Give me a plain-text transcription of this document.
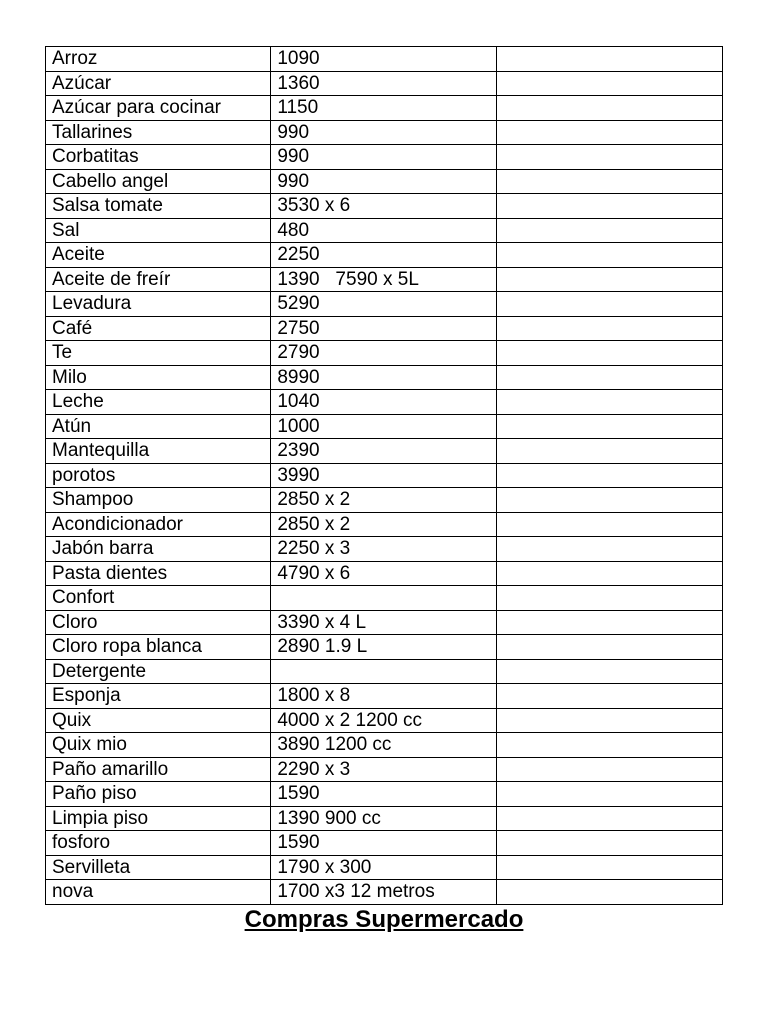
Arroz	1090	
Azúcar	1360	
Azúcar para cocinar	1150	
Tallarines	990	
Corbatitas	990	
Cabello angel	990	
Salsa tomate	3530 x 6	
Sal	480	
Aceite	2250	
Aceite de freír	1390   7590 x 5L	
Levadura	5290	
Café	2750	
Te	2790	
Milo	8990	
Leche	1040	
Atún	1000	
Mantequilla	2390	
porotos	3990	
Shampoo	2850 x 2	
Acondicionador	2850 x 2	
Jabón barra	2250 x 3	
Pasta dientes	4790 x 6	
Confort		
Cloro	3390 x 4 L	
Cloro ropa blanca	2890 1.9 L	
Detergente		
Esponja	1800 x 8	
Quix	4000 x 2 1200 cc	
Quix mio	3890 1200 cc	
Paño amarillo	2290 x 3	
Paño piso	1590	
Limpia piso	1390 900 cc	
fosforo	1590	
Servilleta	1790 x 300	
nova	1700 x3 12 metros	
Compras Supermercado
